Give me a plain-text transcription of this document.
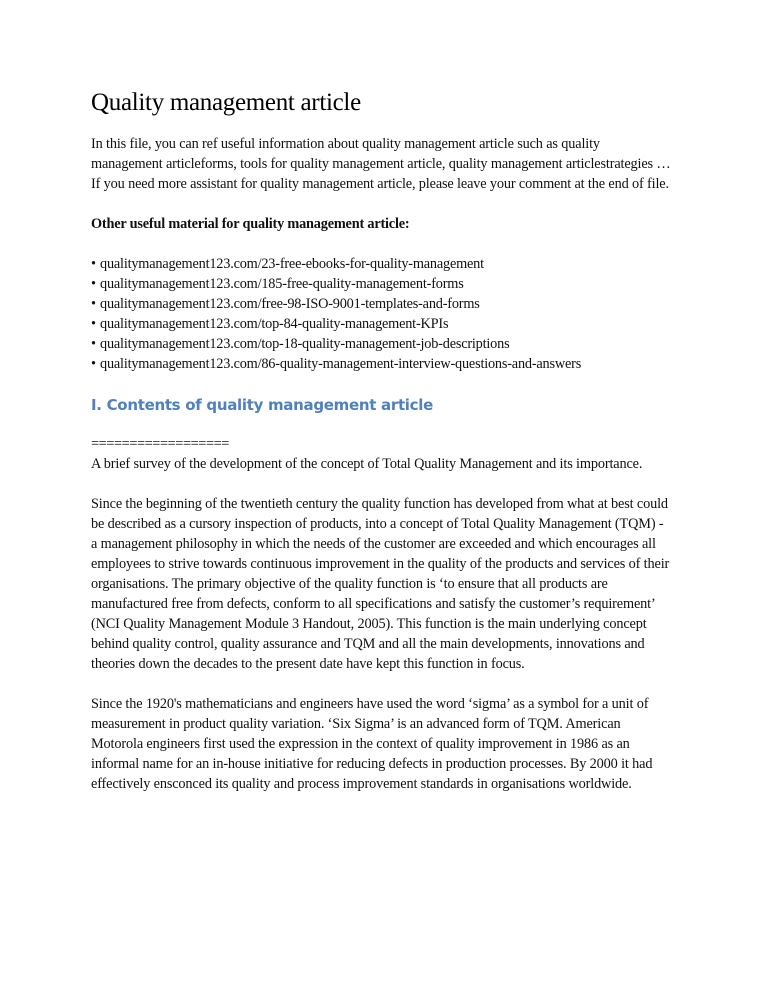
Quality management article

In this file, you can ref useful information about quality management article such as quality management articleforms, tools for quality management article, quality management articlestrategies … If you need more assistant for quality management article, please leave your comment at the end of file.

Other useful material for quality management article:

• qualitymanagement123.com/23-free-ebooks-for-quality-management
• qualitymanagement123.com/185-free-quality-management-forms
• qualitymanagement123.com/free-98-ISO-9001-templates-and-forms
• qualitymanagement123.com/top-84-quality-management-KPIs
• qualitymanagement123.com/top-18-quality-management-job-descriptions
• qualitymanagement123.com/86-quality-management-interview-questions-and-answers
I. Contents of quality management article

==================

A brief survey of the development of the concept of Total Quality Management and its importance.

Since the beginning of the twentieth century the quality function has developed from what at best could be described as a cursory inspection of products, into a concept of Total Quality Management (TQM) - a management philosophy in which the needs of the customer are exceeded and which encourages all employees to strive towards continuous improvement in the quality of the products and services of their organisations. The primary objective of the quality function is ‘to ensure that all products are manufactured free from defects, conform to all specifications and satisfy the customer’s requirement’ (NCI Quality Management Module 3 Handout, 2005). This function is the main underlying concept behind quality control, quality assurance and TQM and all the main developments, innovations and theories down the decades to the present date have kept this function in focus.

Since the 1920's mathematicians and engineers have used the word ‘sigma’ as a symbol for a unit of measurement in product quality variation. ‘Six Sigma’ is an advanced form of TQM. American Motorola engineers first used the expression in the context of quality improvement in 1986 as an informal name for an in-house initiative for reducing defects in production processes. By 2000 it had effectively ensconced its quality and process improvement standards in organisations worldwide.
